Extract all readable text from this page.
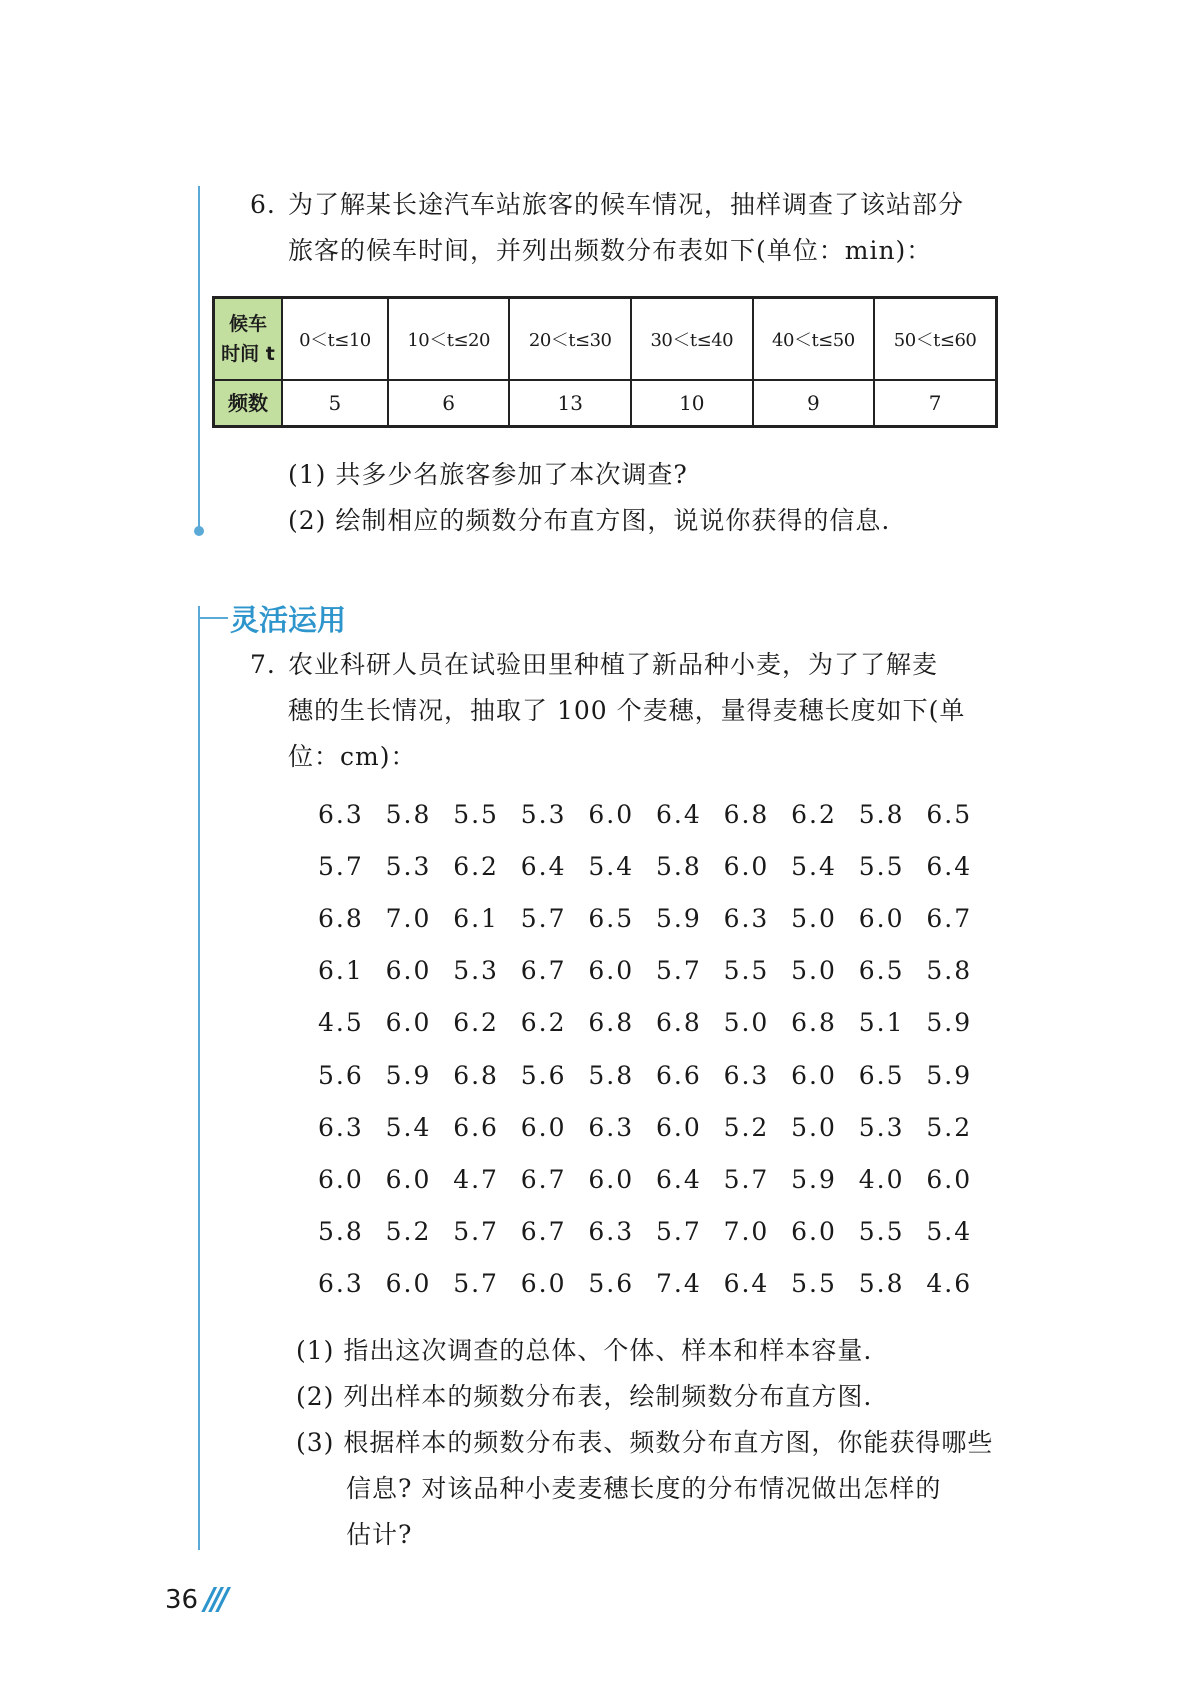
6. 为了解某长途汽车站旅客的候车情况，抽样调查了该站部分
旅客的候车时间，并列出频数分布表如下(单位：min)：
候车
时间 t	0＜t≤10	10＜t≤20	20＜t≤30	30＜t≤40	40＜t≤50	50＜t≤60
频数	5	6	13	10	9	7
(1) 共多少名旅客参加了本次调查?
(2) 绘制相应的频数分布直方图，说说你获得的信息.
灵活运用
7. 农业科研人员在试验田里种植了新品种小麦，为了了解麦
穗的生长情况，抽取了 100 个麦穗，量得麦穗长度如下(单
位：cm)：
6.3 5.8 5.5 5.3 6.0 6.4 6.8 6.2 5.8 6.5
5.7 5.3 6.2 6.4 5.4 5.8 6.0 5.4 5.5 6.4
6.8 7.0 6.1 5.7 6.5 5.9 6.3 5.0 6.0 6.7
6.1 6.0 5.3 6.7 6.0 5.7 5.5 5.0 6.5 5.8
4.5 6.0 6.2 6.2 6.8 6.8 5.0 6.8 5.1 5.9
5.6 5.9 6.8 5.6 5.8 6.6 6.3 6.0 6.5 5.9
6.3 5.4 6.6 6.0 6.3 6.0 5.2 5.0 5.3 5.2
6.0 6.0 4.7 6.7 6.0 6.4 5.7 5.9 4.0 6.0
5.8 5.2 5.7 6.7 6.3 5.7 7.0 6.0 5.5 5.4
6.3 6.0 5.7 6.0 5.6 7.4 6.4 5.5 5.8 4.6
(1) 指出这次调查的总体、个体、样本和样本容量.
(2) 列出样本的频数分布表，绘制频数分布直方图.
(3) 根据样本的频数分布表、频数分布直方图，你能获得哪些
信息? 对该品种小麦麦穗长度的分布情况做出怎样的
估计?
36 ///
